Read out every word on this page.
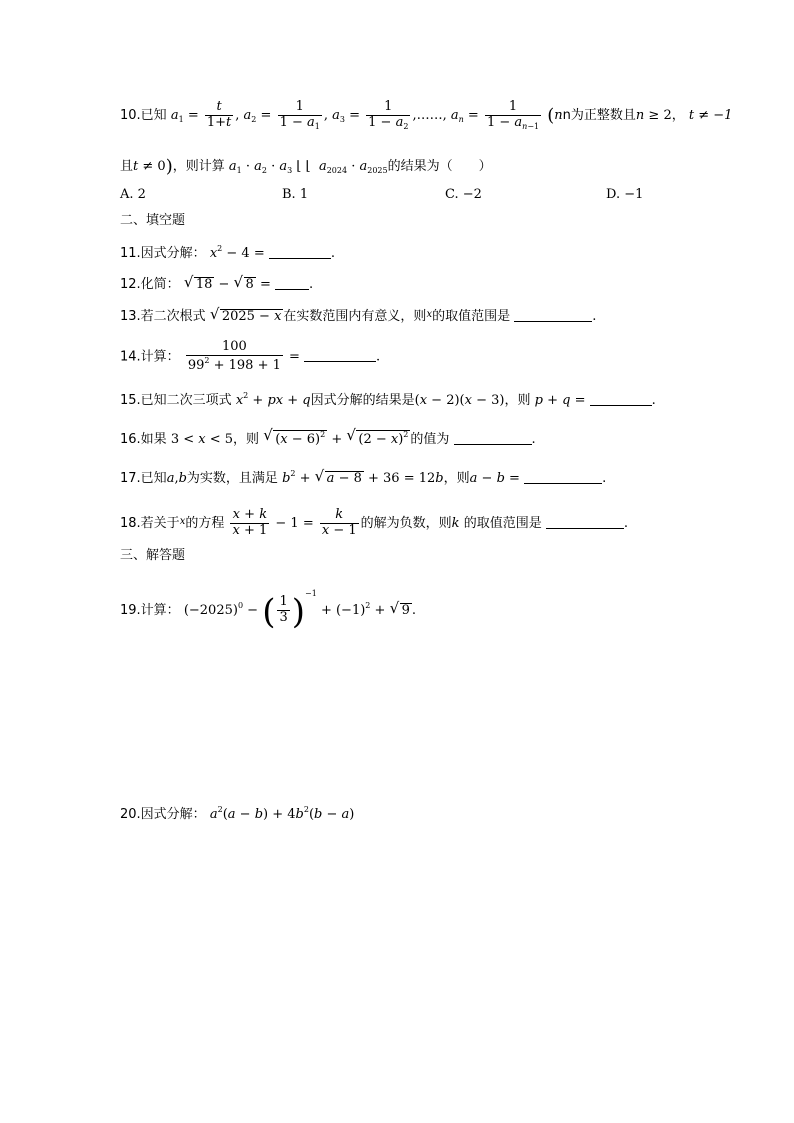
10.已知 $a_1 = \frac{t}{1+t}$ , $a_2 = \frac{1}{1 - a_1}$ , $a_3 = \frac{1}{1 - a_2}$ ,……, $a_n = \frac{1}{1 - a_{n-1}} (nn$为正整数且n ≥ 2， t ≠ −1
且t ≠ 0)，则计算 $a_1 \cdot a_2 \cdot a_3$ ⌊ ⌊  $a_{2024} \cdot a_{2025}$的结果为（　　）
A. 2	B. 1	C. −2	D. −1
二、填空题
11.因式分解： $x^2 - 4$ =	.
12.化简： √ 18 − √ 8 =	.
13.若二次根式 √ 2025 − x 在实数范围内有意义，则$^x$的取值范围是	.
14.计算： $\frac{100}{99^2 + 198 + 1}$ =	.
15.已知二次三项式 $x^2$ + px + q因式分解的结果是(x − 2)(x − 3)，则 p + q =	.
16.如果 3 < x < 5，则 √ $(x - 6)^2$ + √ $(2 - x)^2$ 的值为	.
17.已知a,b为实数，且满足 $b^2$ + √ a − 8 + 36 = 12b，则a − b =	.
18.若关于$^x$的方程 $\frac{x + k}{x + 1} - 1 = \frac{k}{x - 1}$ 的解为负数，则k 的取值范围是	.
三、解答题
19.计算： $(-2025)^0$ − ( $\frac{1}{3} )^{-1} + (-1)^2$ + √ 9 .
20.因式分解： $a^2(a - b) + 4b^2(b - a)$
